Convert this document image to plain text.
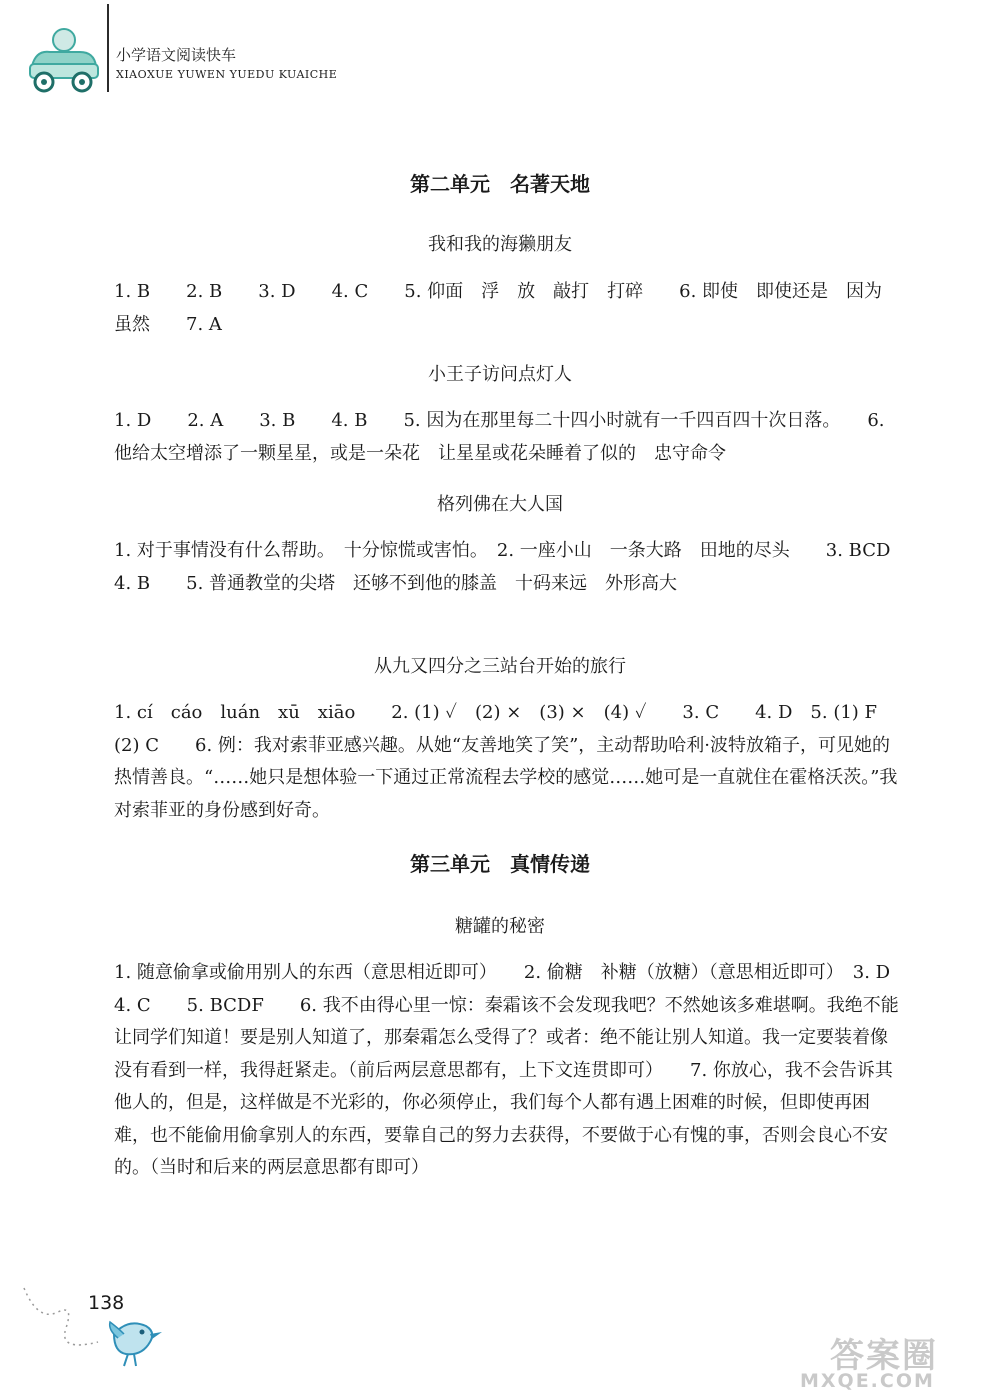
小学语文阅读快车
XIAOXUE YUWEN YUEDU KUAICHE
第二单元　名著天地
我和我的海獭朋友
1. B　　2. B　　3. D　　4. C　　5. 仰面　浮　放　敲打　打碎　　6. 即使　即使还是　因为　虽然　　7. A
小王子访问点灯人
1. D　　2. A　　3. B　　4. B　　5. 因为在那里每二十四小时就有一千四百四十次日落。　　6. 他给太空增添了一颗星星，或是一朵花　让星星或花朵睡着了似的　忠守命令
格列佛在大人国
1. 对于事情没有什么帮助。　十分惊慌或害怕。　2. 一座小山　一条大路　田地的尽头　　3. BCD　　4. B　　5. 普通教堂的尖塔　还够不到他的膝盖　十码来远　外形高大
从九又四分之三站台开始的旅行
1. cí　cáo　luán　xū　xiāo　　2. (1) ✓　(2) ×　(3) ×　(4) ✓　　3. C　　4. D　5. (1) F　(2) C　　6. 例：我对索菲亚感兴趣。从她“友善地笑了笑”，主动帮助哈利·波特放箱子，可见她的热情善良。“……她只是想体验一下通过正常流程去学校的感觉……她可是一直就住在霍格沃茨。”我对索菲亚的身份感到好奇。
第三单元　真情传递
糖罐的秘密
1. 随意偷拿或偷用别人的东西（意思相近即可）　　2. 偷糖　补糖（放糖）（意思相近即可）　3. D　　4. C　　5. BCDF　　6. 我不由得心里一惊：秦霜该不会发现我吧？不然她该多难堪啊。我绝不能让同学们知道！要是别人知道了，那秦霜怎么受得了？或者：绝不能让别人知道。我一定要装着像没有看到一样，我得赶紧走。（前后两层意思都有，上下文连贯即可）　　7. 你放心，我不会告诉其他人的，但是，这样做是不光彩的，你必须停止，我们每个人都有遇上困难的时候，但即使再困难，也不能偷用偷拿别人的东西，要靠自己的努力去获得，不要做于心有愧的事，否则会良心不安的。（当时和后来的两层意思都有即可）
138
答案圈
MXQE.COM
